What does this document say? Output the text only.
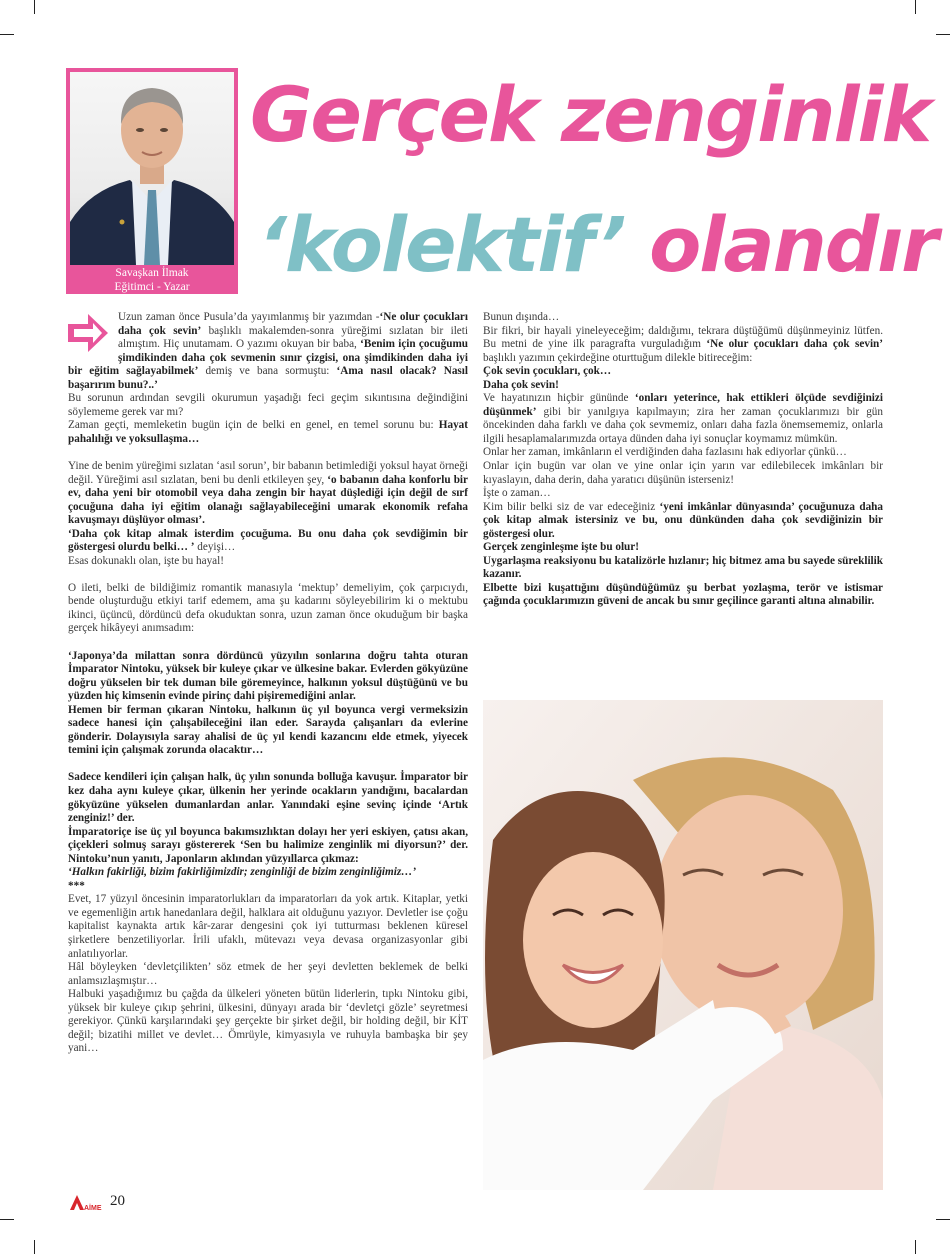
Savaşkan İlmak
Eğitimci - Yazar
Gerçek zenginlik
‘kolektif’ olandır

Uzun zaman önce Pusula’da yayımlanmış bir yazımdan -‘Ne olur çocukları daha çok sevin’ başlıklı makalemden-sonra yüreğimi sızlatan bir ileti almıştım. Hiç unutamam. O yazımı okuyan bir baba, ‘Benim için çocuğumu şimdikinden daha çok sevmenin sınır çizgisi, ona şimdikinden daha iyi bir eğitim sağlayabilmek’ demiş ve bana sormuştu: ‘Ama nasıl olacak? Nasıl başarırım bunu?..’

Bu sorunun ardından sevgili okurumun yaşadığı feci geçim sıkıntısına değindiğini söylememe gerek var mı?

Zaman geçti, memleketin bugün için de belki en genel, en temel sorunu bu: Hayat pahalılığı ve yoksullaşma…

Yine de benim yüreğimi sızlatan ‘asıl sorun’, bir babanın betimlediği yoksul hayat örneği değil. Yüreğimi asıl sızlatan, beni bu denli etkileyen şey, ‘o babanın daha konforlu bir ev, daha yeni bir otomobil veya daha zengin bir hayat düşlediği için değil de sırf çocuğuna daha iyi eğitim olanağı sağlayabileceğini umarak ekonomik refaha kavuşmayı düşlüyor olması’.

‘Daha çok kitap almak isterdim çocuğuma. Bu onu daha çok sevdiğimin bir göstergesi olurdu belki… ’ deyişi…

Esas dokunaklı olan, işte bu hayal!

O ileti, belki de bildiğimiz romantik manasıyla ‘mektup’ demeliyim, çok çarpıcıydı, bende oluşturduğu etkiyi tarif edemem, ama şu kadarını söyleyebilirim ki o mektubu ikinci, üçüncü, dördüncü defa okuduktan sonra, uzun zaman önce okuduğum bir başka gerçek hikâyeyi anımsadım:

‘Japonya’da milattan sonra dördüncü yüzyılın sonlarına doğru tahta oturan İmparator Nintoku, yüksek bir kuleye çıkar ve ülkesine bakar. Evlerden gökyüzüne doğru yükselen bir tek duman bile göremeyince, halkının yoksul düştüğünü ve bu yüzden hiç kimsenin evinde pirinç dahi pişiremediğini anlar.

Hemen bir ferman çıkaran Nintoku, halkının üç yıl boyunca vergi vermeksizin sadece hanesi için çalışabileceğini ilan eder. Sarayda çalışanları da evlerine gönderir. Dolayısıyla saray ahalisi de üç yıl kendi kazancını elde etmek, yiyecek temini için çalışmak zorunda olacaktır…

Sadece kendileri için çalışan halk, üç yılın sonunda bolluğa kavuşur. İmparator bir kez daha aynı kuleye çıkar, ülkenin her yerinde ocakların yandığını, bacalardan gökyüzüne yükselen dumanlardan anlar. Yanındaki eşine sevinç içinde ‘Artık zenginiz!’ der.

İmparatoriçe ise üç yıl boyunca bakımsızlıktan dolayı her yeri eskiyen, çatısı akan, çiçekleri solmuş sarayı göstererek ‘Sen bu halimize zenginlik mi diyorsun?’ der. Nintoku’nun yanıtı, Japonların aklından yüzyıllarca çıkmaz:

‘Halkın fakirliği, bizim fakirliğimizdir; zenginliği de bizim zenginliğimiz…’

***

Evet, 17 yüzyıl öncesinin imparatorlukları da imparatorları da yok artık. Kitaplar, yetki ve egemenliğin artık hanedanlara değil, halklara ait olduğunu yazıyor. Devletler ise çoğu kapitalist kaynakta artık kâr-zarar dengesini çok iyi tutturması beklenen küresel şirketlere benzetiliyorlar. İrili ufaklı, mütevazı veya devasa organizasyonlar gibi anlatılıyorlar.

Hâl böyleyken ‘devletçilikten’ söz etmek de her şeyi devletten beklemek de belki anlamsızlaşmıştır…

Halbuki yaşadığımız bu çağda da ülkeleri yöneten bütün liderlerin, tıpkı Nintoku gibi, yüksek bir kuleye çıkıp şehrini, ülkesini, dünyayı arada bir ‘devletçi gözle’ seyretmesi gerekiyor. Çünkü karşılarındaki şey gerçekte bir şirket değil, bir holding değil, bir KİT değil; bizatihi millet ve devlet… Ömrüyle, kimyasıyla ve ruhuyla bambaşka bir şey yani…

Bunun dışında…

Bir fikri, bir hayali yineleyeceğim; daldığımı, tekrara düştüğümü düşünmeyiniz lütfen. Bu metni de yine ilk paragrafta vurguladığım ‘Ne olur çocukları daha çok sevin’ başlıklı yazımın çekirdeğine oturttuğum dilekle bitireceğim:

Çok sevin çocukları, çok…

Daha çok sevin!

Ve hayatınızın hiçbir gününde ‘onları yeterince, hak ettikleri ölçüde sevdiğinizi düşünmek’ gibi bir yanılgıya kapılmayın; zira her zaman çocuklarımızı bir gün öncekinden daha farklı ve daha çok sevmemiz, onları daha fazla önemsememiz, onlarla ilgili hesaplamalarımızda ortaya dünden daha iyi sonuçlar koymamız mümkün.

Onlar her zaman, imkânların el verdiğinden daha fazlasını hak ediyorlar çünkü…

Onlar için bugün var olan ve yine onlar için yarın var edilebilecek imkânları bir kıyaslayın, daha derin, daha yaratıcı düşünün isterseniz!

İşte o zaman…

Kim bilir belki siz de var edeceğiniz ‘yeni imkânlar dünyasında’ çocuğunuza daha çok kitap almak istersiniz ve bu, onu dünkünden daha çok sevdiğinizin bir göstergesi olur.

Gerçek zenginleşme işte bu olur!

Uygarlaşma reaksiyonu bu katalizörle hızlanır; hiç bitmez ama bu sayede süreklilik kazanır.

Elbette bizi kuşattığını düşündüğümüz şu berbat yozlaşma, terör ve istismar çağında çocuklarımızın güveni de ancak bu sınır geçilince garanti altına alınabilir.

AİME 20
